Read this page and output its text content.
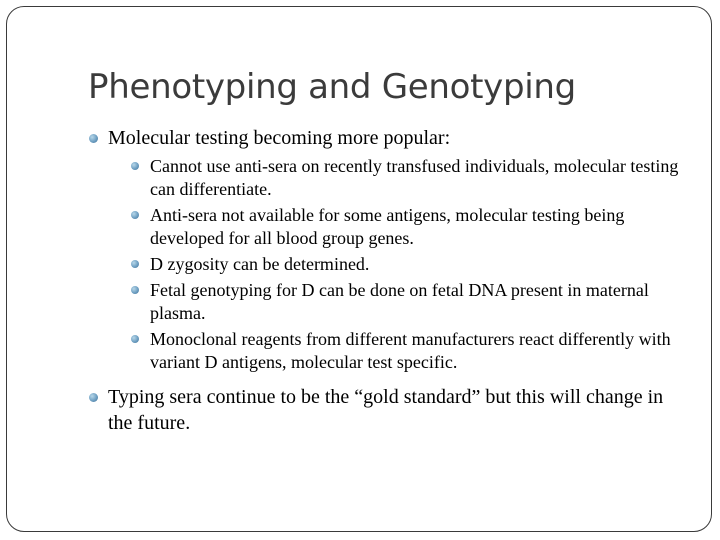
Phenotyping and Genotyping
Molecular testing becoming more popular:
Cannot use anti-sera on recently transfused individuals, molecular testing can differentiate.
Anti-sera not available for some antigens, molecular testing being developed for all blood group genes.
D zygosity can be determined.
Fetal genotyping for D can be done on fetal DNA present in maternal plasma.
Monoclonal reagents from different manufacturers react differently with variant D antigens, molecular test specific.
Typing sera continue to be the “gold standard” but this will change in the future.
